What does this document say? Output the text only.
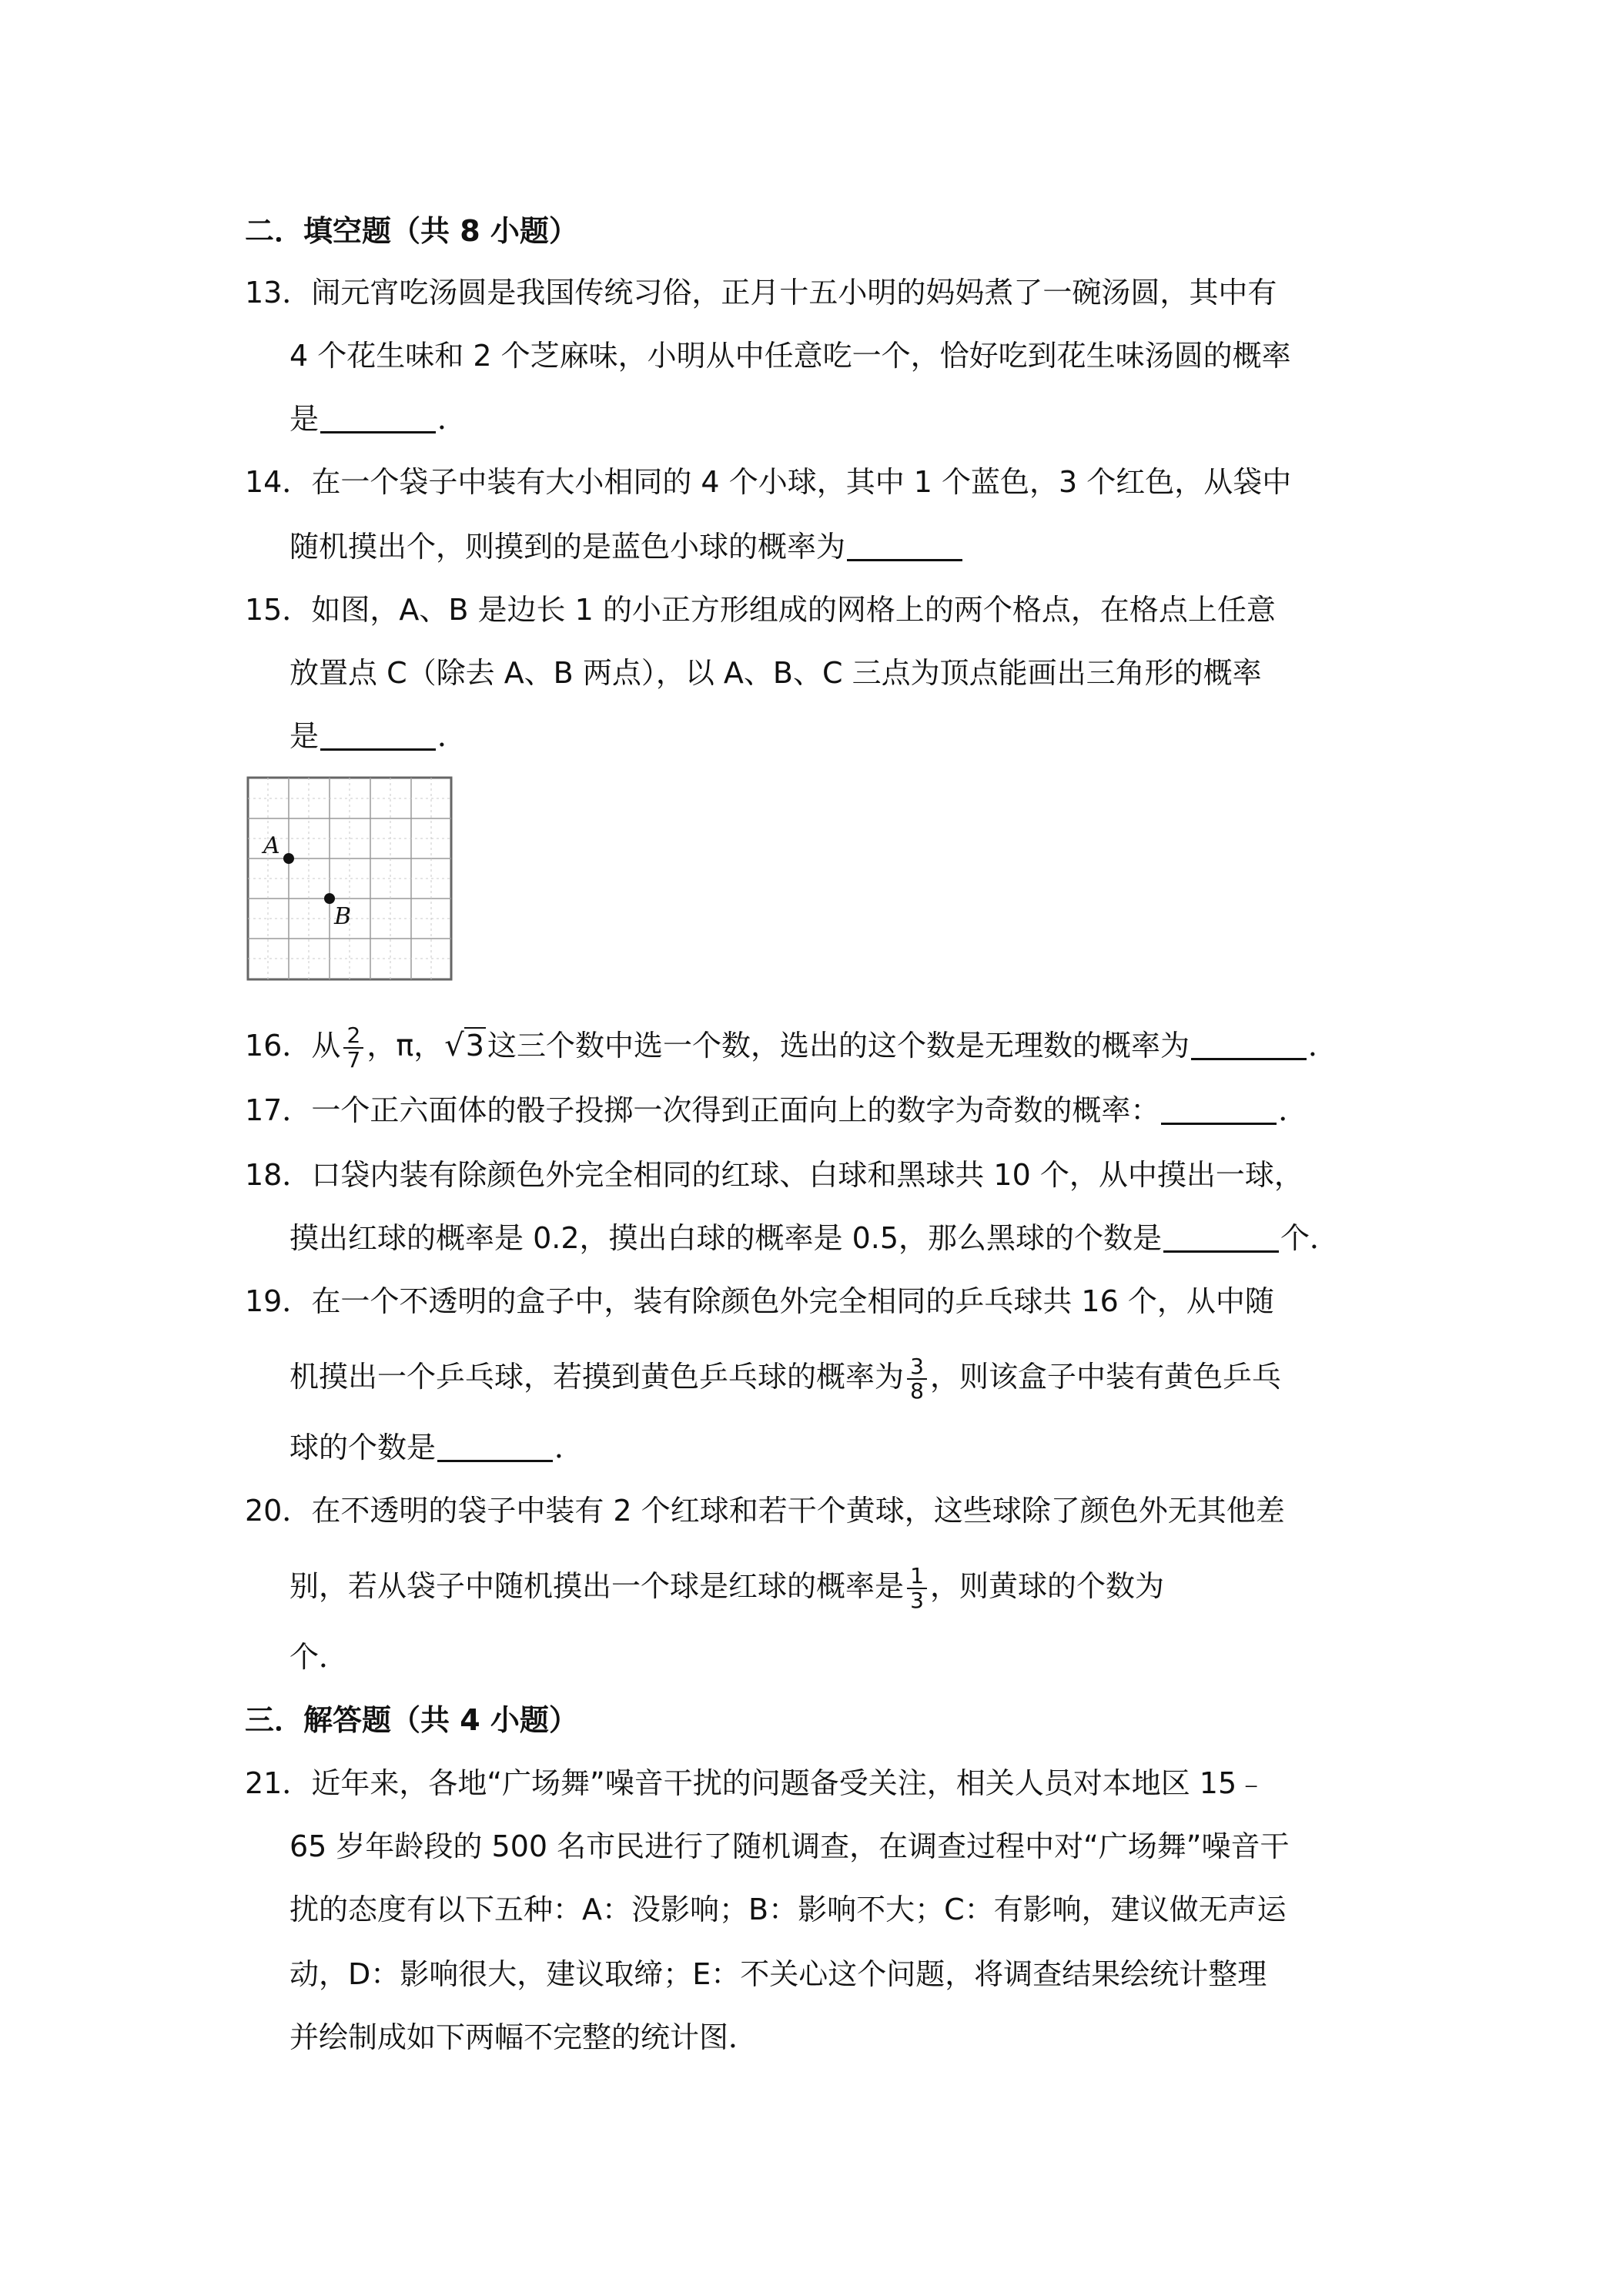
二．填空题（共 8 小题）
13．闹元宵吃汤圆是我国传统习俗，正月十五小明的妈妈煮了一碗汤圆，其中有
4 个花生味和 2 个芝麻味，小明从中任意吃一个，恰好吃到花生味汤圆的概率
是	．
14．在一个袋子中装有大小相同的 4 个小球，其中 1 个蓝色，3 个红色，从袋中
随机摸出个，则摸到的是蓝色小球的概率为
15．如图，A、B 是边长 1 的小正方形组成的网格上的两个格点，在格点上任意
放置点 C（除去 A、B 两点），以 A、B、C 三点为顶点能画出三角形的概率
是	．
A
B
16．从 $\frac{2}{7}$ ，π，√3 这三个数中选一个数，选出的这个数是无理数的概率为	．
17．一个正六面体的骰子投掷一次得到正面向上的数字为奇数的概率：	．
18．口袋内装有除颜色外完全相同的红球、白球和黑球共 10 个，从中摸出一球，
摸出红球的概率是 0.2，摸出白球的概率是 0.5，那么黑球的个数是	个．
19．在一个不透明的盒子中，装有除颜色外完全相同的乒乓球共 16 个，从中随
机摸出一个乒乓球，若摸到黄色乒乓球的概率为 $\frac{3}{8}$ ，则该盒子中装有黄色乒乓
球的个数是	．
20．在不透明的袋子中装有 2 个红球和若干个黄球，这些球除了颜色外无其他差
别，若从袋子中随机摸出一个球是红球的概率是 $\frac{1}{3}$ ，则黄球的个数为
个．
三．解答题（共 4 小题）
21．近年来，各地“广场舞”噪音干扰的问题备受关注，相关人员对本地区 15﹣
65 岁年龄段的 500 名市民进行了随机调查，在调查过程中对“广场舞”噪音干
扰的态度有以下五种：A：没影响；B：影响不大；C：有影响，建议做无声运
动，D：影响很大，建议取缔；E：不关心这个问题，将调查结果绘统计整理
并绘制成如下两幅不完整的统计图．
